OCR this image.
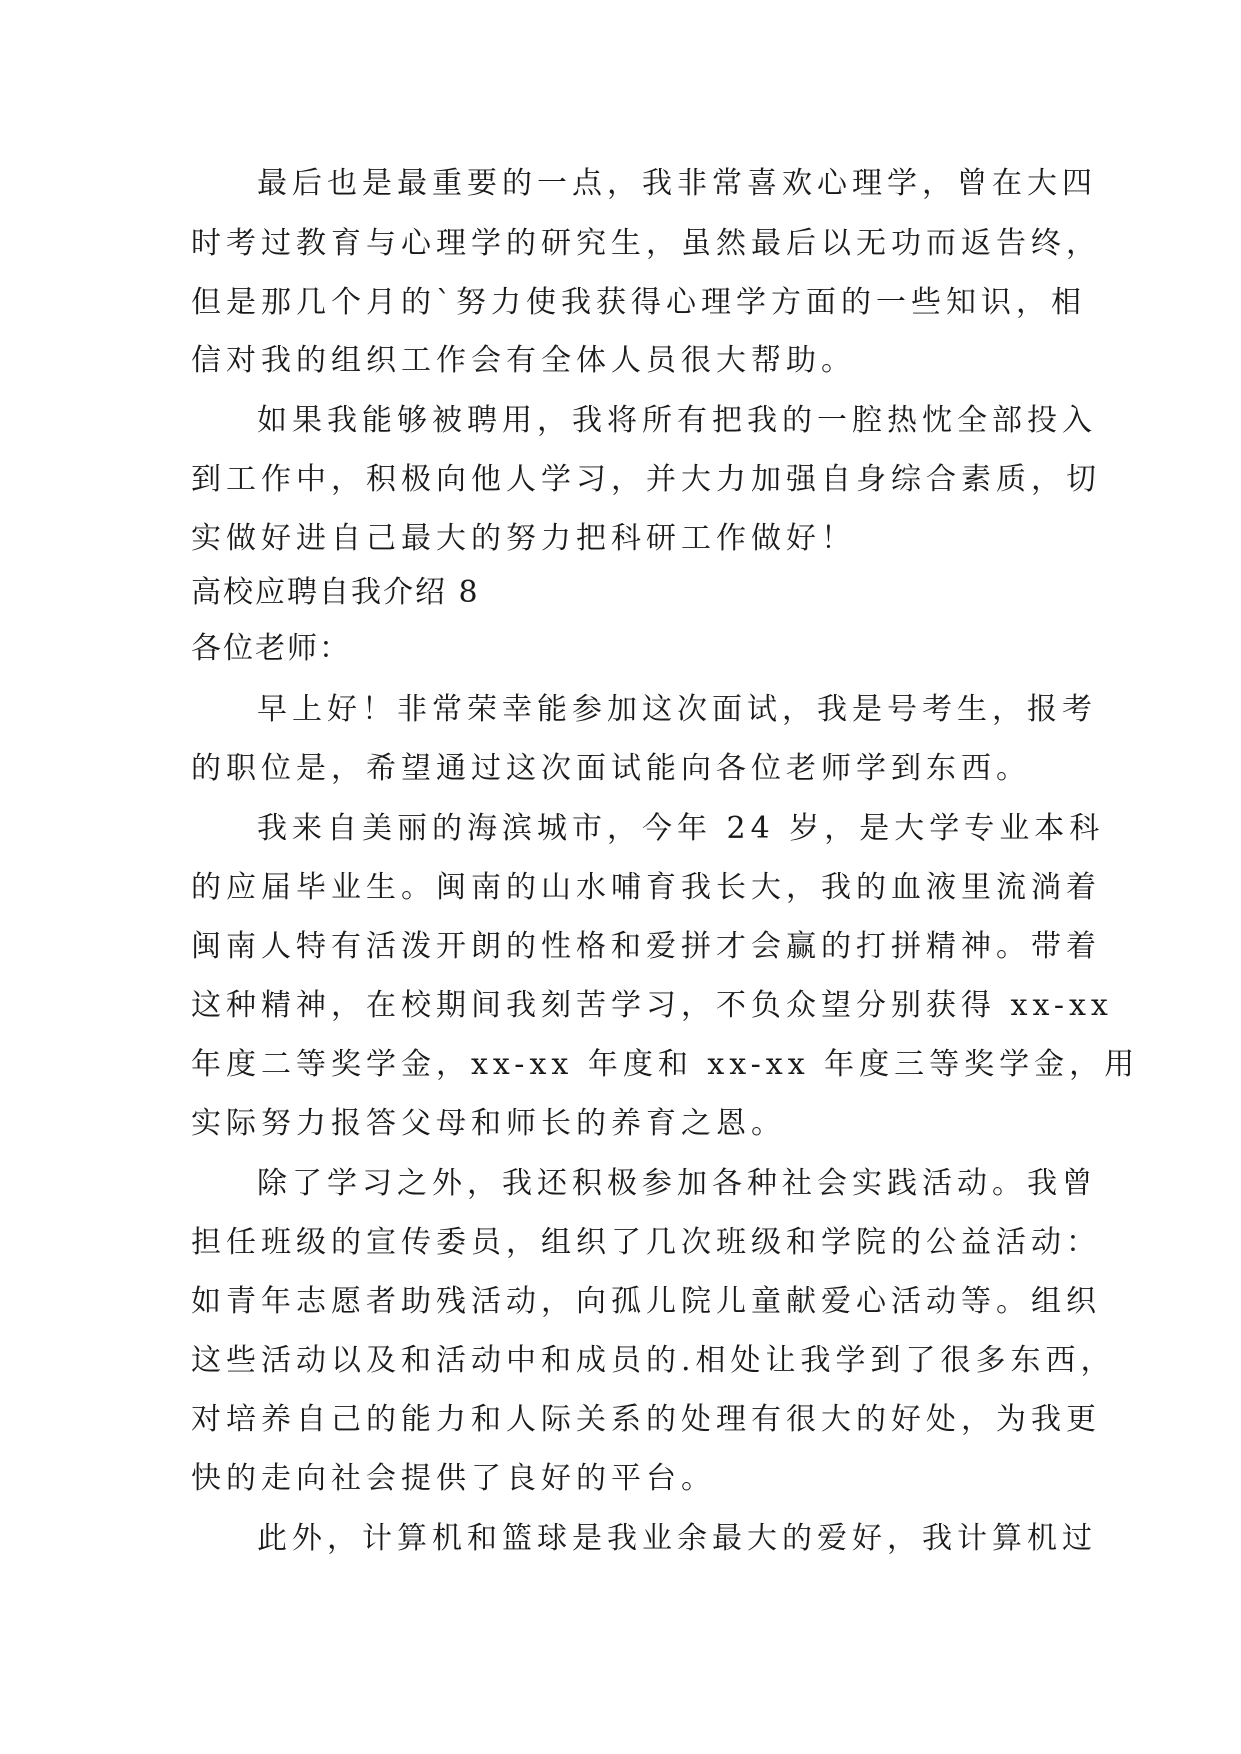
最后也是最重要的一点，我非常喜欢心理学，曾在大四
时考过教育与心理学的研究生，虽然最后以无功而返告终，
但是那几个月的`努力使我获得心理学方面的一些知识，相
信对我的组织工作会有全体人员很大帮助。
如果我能够被聘用，我将所有把我的一腔热忱全部投入
到工作中，积极向他人学习，并大力加强自身综合素质，切
实做好进自己最大的努力把科研工作做好！
高校应聘自我介绍 8
各位老师：
早上好！非常荣幸能参加这次面试，我是号考生，报考
的职位是，希望通过这次面试能向各位老师学到东西。
我来自美丽的海滨城市，今年 24 岁，是大学专业本科
的应届毕业生。闽南的山水哺育我长大，我的血液里流淌着
闽南人特有活泼开朗的性格和爱拼才会赢的打拼精神。带着
这种精神，在校期间我刻苦学习，不负众望分别获得 xx-xx
年度二等奖学金，xx-xx 年度和 xx-xx 年度三等奖学金，用
实际努力报答父母和师长的养育之恩。
除了学习之外，我还积极参加各种社会实践活动。我曾
担任班级的宣传委员，组织了几次班级和学院的公益活动：
如青年志愿者助残活动，向孤儿院儿童献爱心活动等。组织
这些活动以及和活动中和成员的.相处让我学到了很多东西，
对培养自己的能力和人际关系的处理有很大的好处，为我更
快的走向社会提供了良好的平台。
此外，计算机和篮球是我业余最大的爱好，我计算机过
